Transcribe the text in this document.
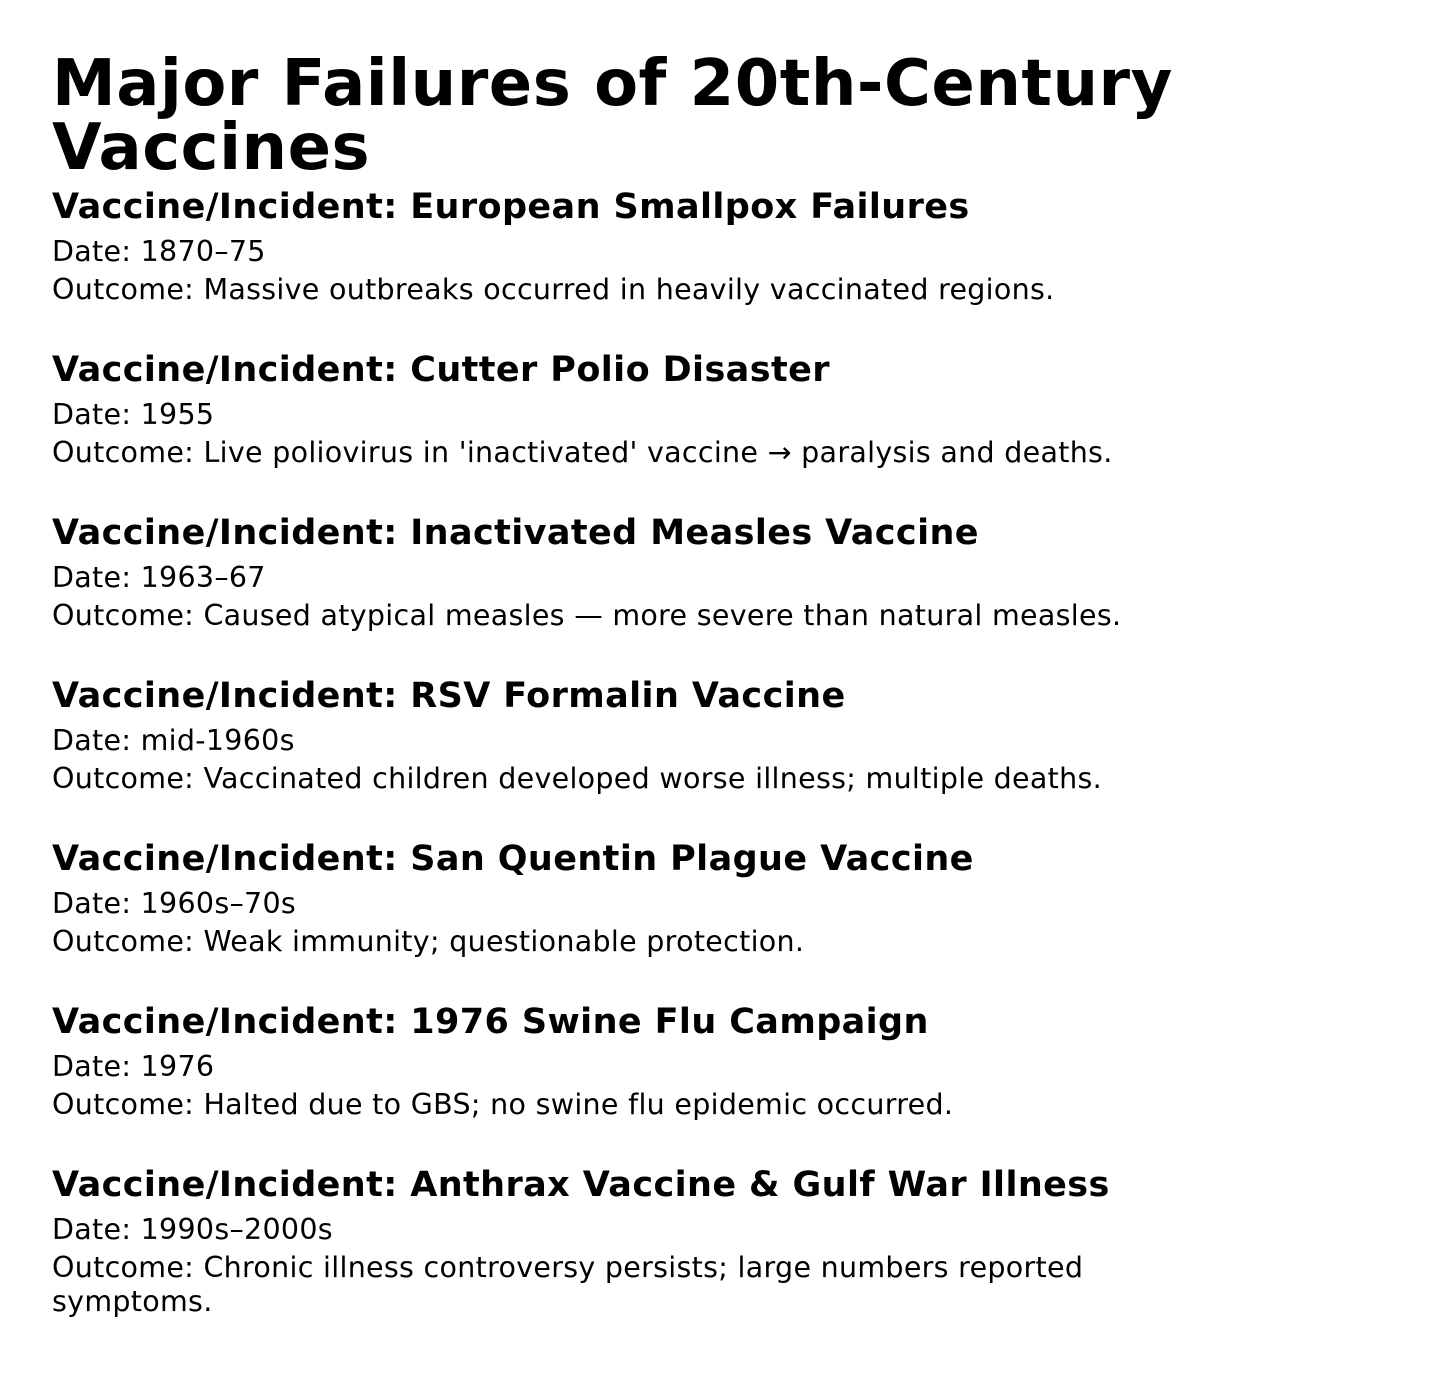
Major Failures of 20th-Century Vaccines
Vaccine/Incident: European Smallpox Failures
Date: 1870–75
Outcome: Massive outbreaks occurred in heavily vaccinated regions.
Vaccine/Incident: Cutter Polio Disaster
Date: 1955
Outcome: Live poliovirus in 'inactivated' vaccine → paralysis and deaths.
Vaccine/Incident: Inactivated Measles Vaccine
Date: 1963–67
Outcome: Caused atypical measles — more severe than natural measles.
Vaccine/Incident: RSV Formalin Vaccine
Date: mid-1960s
Outcome: Vaccinated children developed worse illness; multiple deaths.
Vaccine/Incident: San Quentin Plague Vaccine
Date: 1960s–70s
Outcome: Weak immunity; questionable protection.
Vaccine/Incident: 1976 Swine Flu Campaign
Date: 1976
Outcome: Halted due to GBS; no swine flu epidemic occurred.
Vaccine/Incident: Anthrax Vaccine & Gulf War Illness
Date: 1990s–2000s
Outcome: Chronic illness controversy persists; large numbers reported symptoms.
